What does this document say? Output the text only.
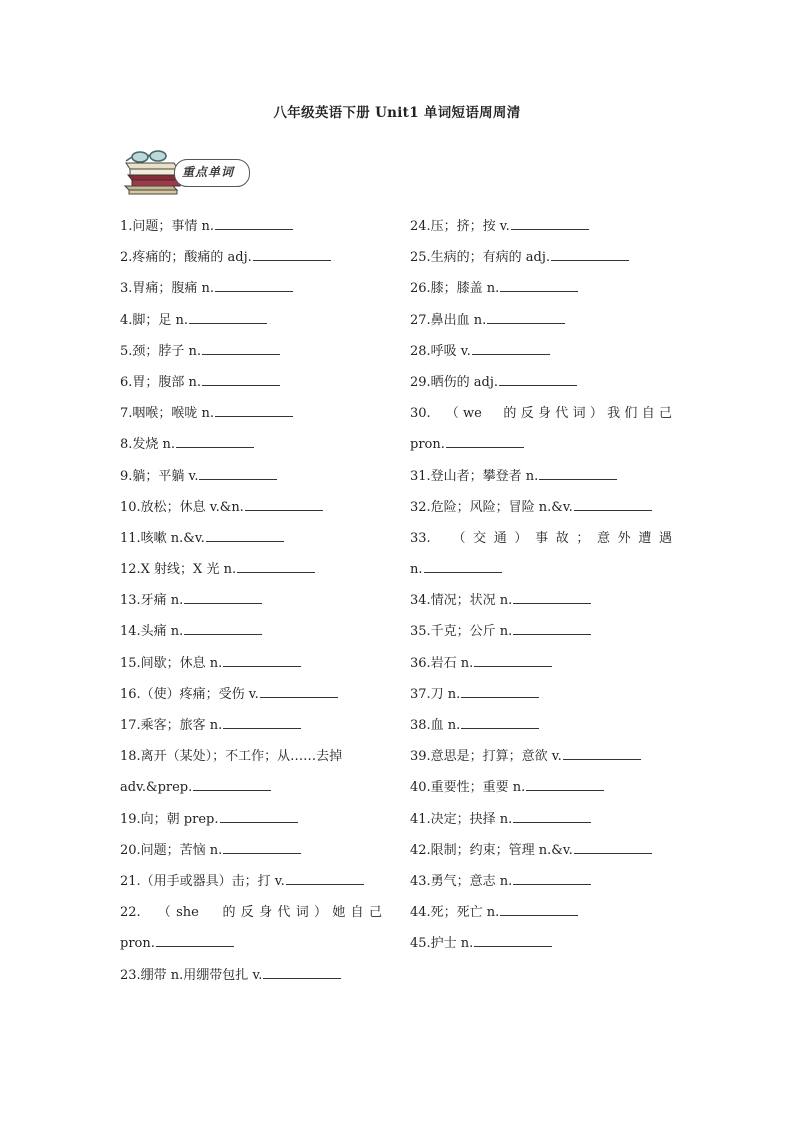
八年级英语下册 Unit1 单词短语周周清
重点单词
1.问题；事情 n.
2.疼痛的；酸痛的 adj.
3.胃痛；腹痛 n.
4.脚；足 n.
5.颈；脖子 n.
6.胃；腹部 n.
7.咽喉；喉咙 n.
8.发烧 n.
9.躺；平躺 v.
10.放松；休息 v.&n.
11.咳嗽 n.&v.
12.X 射线；X 光 n.
13.牙痛 n.
14.头痛 n.
15.间歇；休息 n.
16.（使）疼痛；受伤 v.
17.乘客；旅客 n.
18.离开（某处）；不工作；从……去掉
adv.&prep.
19.向；朝 prep.
20.问题；苦恼 n.
21.（用手或器具）击；打 v.
22.　（she　的反身代词）她自己
pron.
23.绷带 n.用绷带包扎 v.
24.压；挤；按 v.
25.生病的；有病的 adj.
26.膝；膝盖 n.
27.鼻出血 n.
28.呼吸 v.
29.晒伤的 adj.
30.　（we　的反身代词）我们自己
pron.
31.登山者；攀登者 n.
32.危险；风险；冒险 n.&v.
33.　（交通）事故；意外遭遇
n.
34.情况；状况 n.
35.千克；公斤 n.
36.岩石 n.
37.刀 n.
38.血 n.
39.意思是；打算；意欲 v.
40.重要性；重要 n.
41.决定；抉择 n.
42.限制；约束；管理 n.&v.
43.勇气；意志 n.
44.死；死亡 n.
45.护士 n.
